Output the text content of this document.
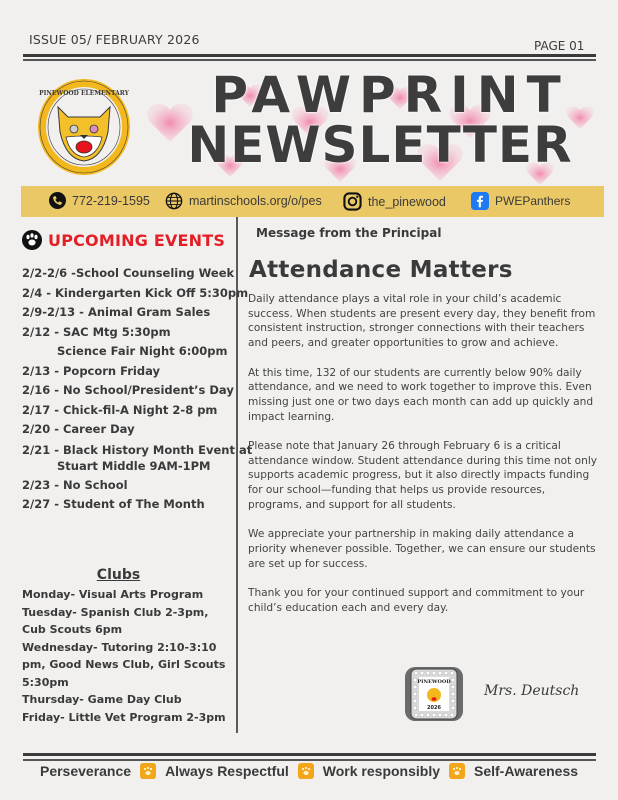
ISSUE 05/ FEBRUARY 2026	PAGE 01
PINEWOOD ELEMENTARY	PAWPRINT
NEWSLETTER
772-219-1595	martinschools.org/o/pes	the_pinewood	PWEPanthers
UPCOMING EVENTS
2/2-2/6 -School Counseling Week
2/4 - Kindergarten Kick Off 5:30pm
2/9-2/13 - Animal Gram Sales
2/12 - SAC Mtg 5:30pm
Science Fair Night 6:00pm
2/13 - Popcorn Friday
2/16 - No School/President’s Day
2/17 - Chick-fil-A Night 2-8 pm
2/20 - Career Day
2/21 - Black History Month Event at
Stuart Middle 9AM-1PM
2/23 - No School
2/27 - Student of The Month
Clubs
Monday- Visual Arts Program
Tuesday- Spanish Club 2-3pm, Cub Scouts 6pm
Wednesday- Tutoring 2:10-3:10 pm, Good News Club, Girl Scouts 5:30pm
Thursday- Game Day Club
Friday- Little Vet Program 2-3pm
Message from the Principal
Attendance Matters

Daily attendance plays a vital role in your child’s academic success. When students are present every day, they benefit from consistent instruction, stronger connections with their teachers and peers, and greater opportunities to grow and achieve.

At this time, 132 of our students are currently below 90% daily attendance, and we need to work together to improve this. Even missing just one or two days each month can add up quickly and impact learning.

Please note that January 26 through February 6 is a critical attendance window. Student attendance during this time not only supports academic progress, but it also directly impacts funding for our school—funding that helps us provide resources, programs, and support for all students.

We appreciate your partnership in making daily attendance a priority whenever possible. Together, we can ensure our students are set up for success.

Thank you for your continued support and commitment to your child’s education each and every day.

PINEWOOD
2026
Mrs. Deutsch
Perseverance Always Respectful Work responsibly Self-Awareness
